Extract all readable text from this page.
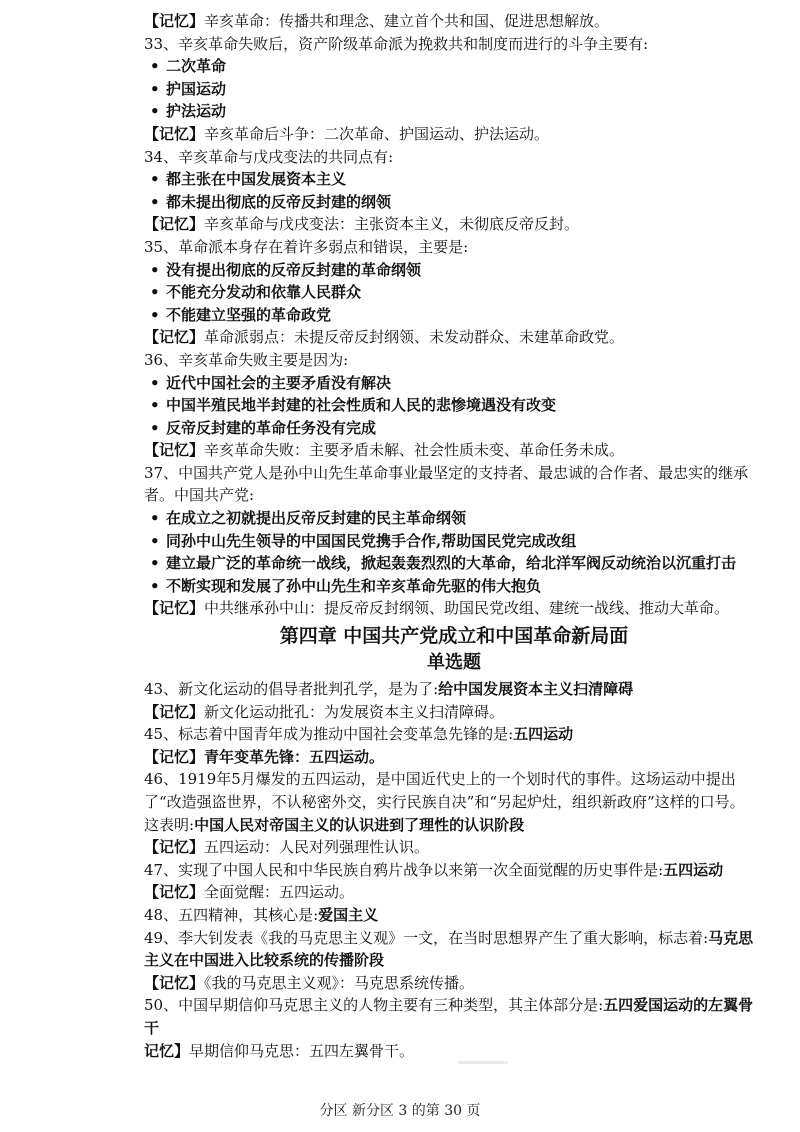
【记忆】辛亥革命：传播共和理念、建立首个共和国、促进思想解放。
33、辛亥革命失败后，资产阶级革命派为挽救共和制度而进行的斗争主要有:
• 二次革命
• 护国运动
• 护法运动
【记忆】辛亥革命后斗争：二次革命、护国运动、护法运动。
34、辛亥革命与戊戌变法的共同点有:
• 都主张在中国发展资本主义
• 都未提出彻底的反帝反封建的纲领
【记忆】辛亥革命与戊戌变法：主张资本主义，未彻底反帝反封。
35、革命派本身存在着许多弱点和错误，主要是:
• 没有提出彻底的反帝反封建的革命纲领
• 不能充分发动和依靠人民群众
• 不能建立坚强的革命政党
【记忆】革命派弱点：未提反帝反封纲领、未发动群众、未建革命政党。
36、辛亥革命失败主要是因为:
• 近代中国社会的主要矛盾没有解决
• 中国半殖民地半封建的社会性质和人民的悲惨境遇没有改变
• 反帝反封建的革命任务没有完成
【记忆】辛亥革命失败：主要矛盾未解、社会性质未变、革命任务未成。
37、中国共产党人是孙中山先生革命事业最坚定的支持者、最忠诚的合作者、最忠实的继承者。中国共产党:
• 在成立之初就提出反帝反封建的民主革命纲领
• 同孙中山先生领导的中国国民党携手合作,帮助国民党完成改组
• 建立最广泛的革命统一战线，掀起轰轰烈烈的大革命，给北洋军阀反动统治以沉重打击
• 不断实现和发展了孙中山先生和辛亥革命先驱的伟大抱负
【记忆】中共继承孙中山：提反帝反封纲领、助国民党改组、建统一战线、推动大革命。
第四章 中国共产党成立和中国革命新局面
单选题
43、新文化运动的倡导者批判孔学，是为了:给中国发展资本主义扫清障碍
【记忆】新文化运动批孔：为发展资本主义扫清障碍。
45、标志着中国青年成为推动中国社会变革急先锋的是:五四运动
【记忆】青年变革先锋：五四运动。
46、1919年5月爆发的五四运动，是中国近代史上的一个划时代的事件。这场运动中提出了“改造强盗世界，不认秘密外交，实行民族自决”和“另起炉灶，组织新政府”这样的口号。
这表明:中国人民对帝国主义的认识进到了理性的认识阶段
【记忆】五四运动：人民对列强理性认识。
47、实现了中国人民和中华民族自鸦片战争以来第一次全面觉醒的历史事件是:五四运动
【记忆】全面觉醒：五四运动。
48、五四精神，其核心是:爱国主义
49、李大钊发表《我的马克思主义观》一文，在当时思想界产生了重大影响，标志着:马克思主义在中国进入比较系统的传播阶段
【记忆】《我的马克思主义观》：马克思系统传播。
50、中国早期信仰马克思主义的人物主要有三种类型，其主体部分是:五四爱国运动的左翼骨干
记忆】早期信仰马克思：五四左翼骨干。
分区 新分区 3 的第 30 页
